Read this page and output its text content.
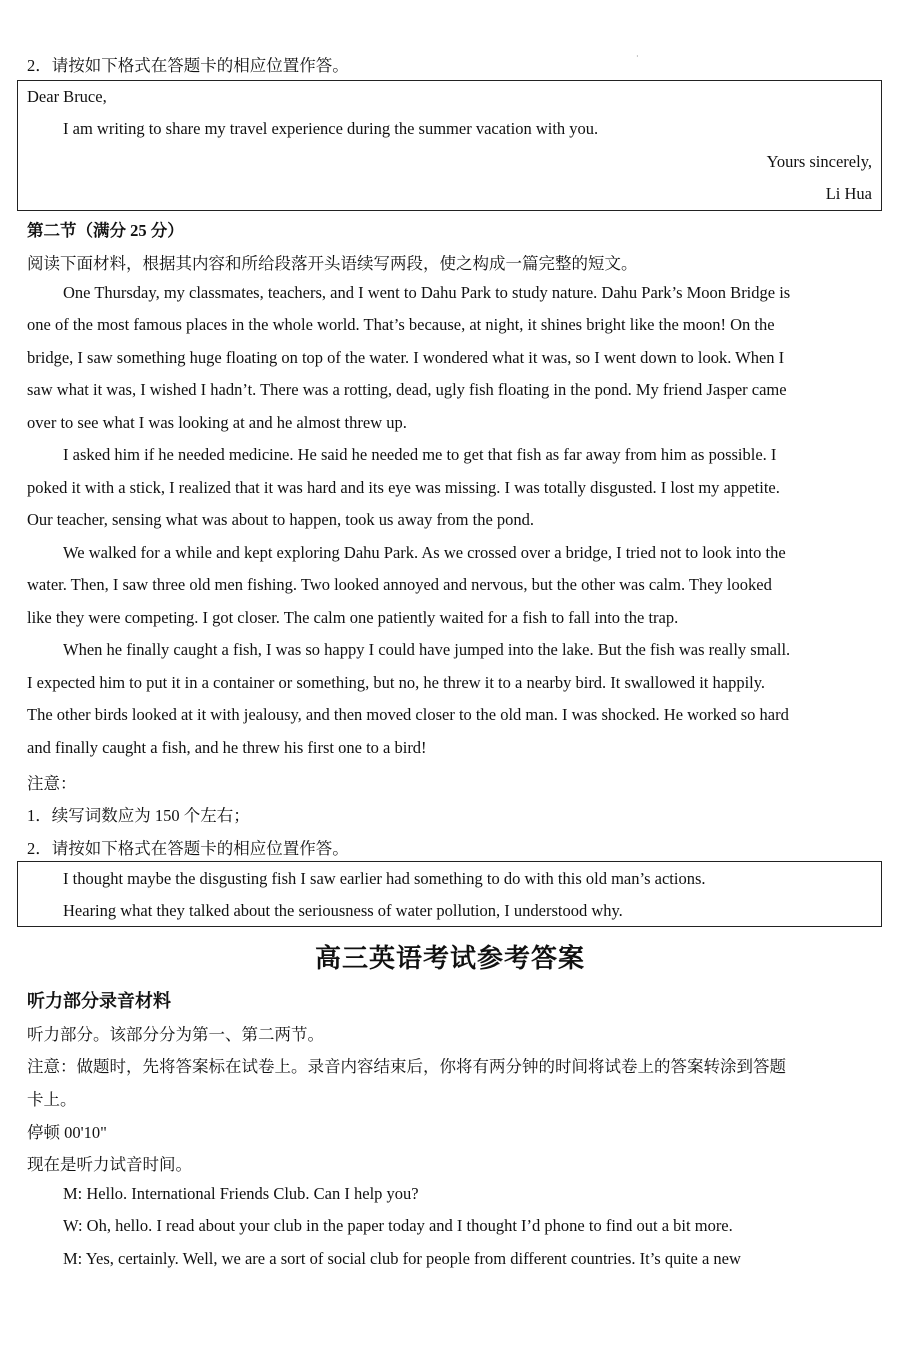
·
2．请按如下格式在答题卡的相应位置作答。
Dear Bruce,
I am writing to share my travel experience during the summer vacation with you.
Yours sincerely,
Li Hua
第二节（满分 25 分）
阅读下面材料，根据其内容和所给段落开头语续写两段，使之构成一篇完整的短文。
One Thursday, my classmates, teachers, and I went to Dahu Park to study nature. Dahu Park’s Moon Bridge is
one of the most famous places in the whole world. That’s because, at night, it shines bright like the moon! On the
bridge, I saw something huge floating on top of the water. I wondered what it was, so I went down to look. When I
saw what it was, I wished I hadn’t. There was a rotting, dead, ugly fish floating in the pond. My friend Jasper came
over to see what I was looking at and he almost threw up.
I asked him if he needed medicine. He said he needed me to get that fish as far away from him as possible. I
poked it with a stick, I realized that it was hard and its eye was missing. I was totally disgusted. I lost my appetite.
Our teacher, sensing what was about to happen, took us away from the pond.
We walked for a while and kept exploring Dahu Park. As we crossed over a bridge, I tried not to look into the
water. Then, I saw three old men fishing. Two looked annoyed and nervous, but the other was calm. They looked
like they were competing. I got closer. The calm one patiently waited for a fish to fall into the trap.
When he finally caught a fish, I was so happy I could have jumped into the lake. But the fish was really small.
I expected him to put it in a container or something, but no, he threw it to a nearby bird. It swallowed it happily.
The other birds looked at it with jealousy, and then moved closer to the old man. I was shocked. He worked so hard
and finally caught a fish, and he threw his first one to a bird!
注意：
1．续写词数应为 150 个左右；
2．请按如下格式在答题卡的相应位置作答。
I thought maybe the disgusting fish I saw earlier had something to do with this old man’s actions.
Hearing what they talked about the seriousness of water pollution, I understood why.
高三英语考试参考答案
听力部分录音材料
听力部分。该部分分为第一、第二两节。
注意：做题时，先将答案标在试卷上。录音内容结束后，你将有两分钟的时间将试卷上的答案转涂到答题
卡上。
停顿 00'10"
现在是听力试音时间。
M: Hello. International Friends Club. Can I help you?
W: Oh, hello. I read about your club in the paper today and I thought I’d phone to find out a bit more.
M: Yes, certainly. Well, we are a sort of social club for people from different countries. It’s quite a new
